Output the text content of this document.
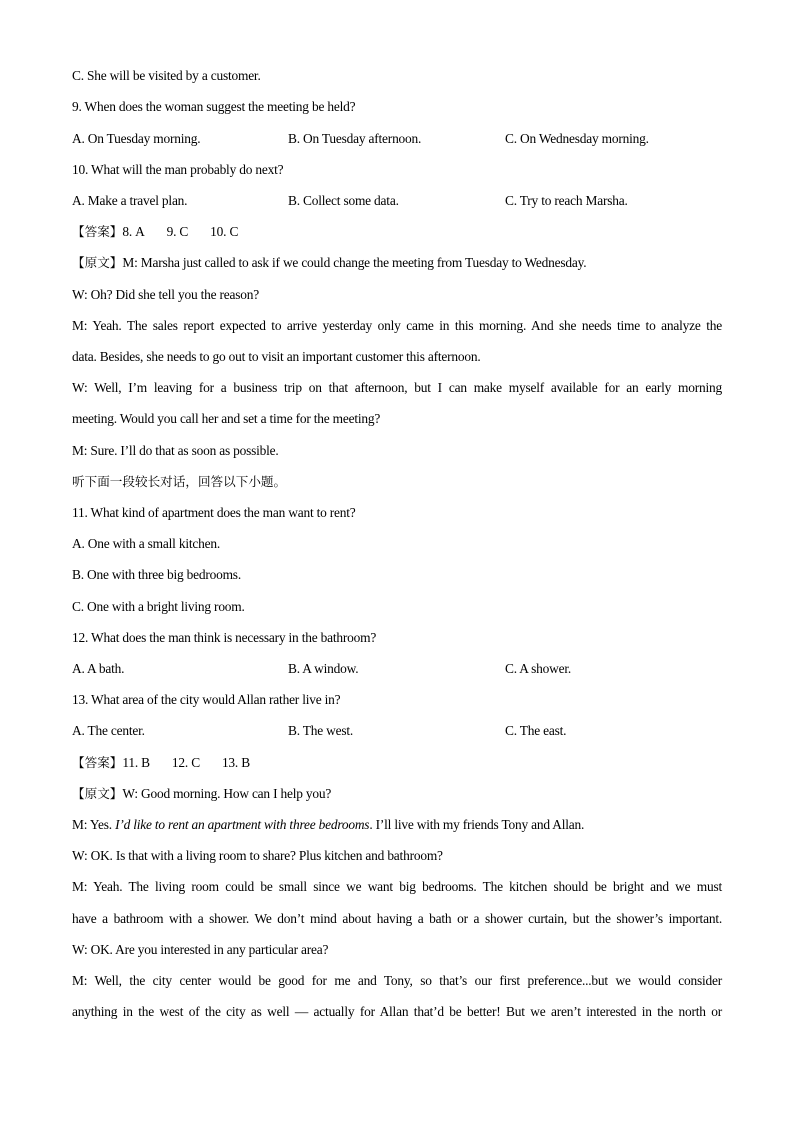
C. She will be visited by a customer.
9. When does the woman suggest the meeting be held?
A. On Tuesday morning.	B. On Tuesday afternoon.	C. On Wednesday morning.
10. What will the man probably do next?
A. Make a travel plan.	B. Collect some data.	C. Try to reach Marsha.
【答案】8. A 9. C 10. C
【原文】M: Marsha just called to ask if we could change the meeting from Tuesday to Wednesday.
W: Oh? Did she tell you the reason?
M: Yeah. The sales report expected to arrive yesterday only came in this morning. And she needs time to analyze the
data. Besides, she needs to go out to visit an important customer this afternoon.
W: Well, I’m leaving for a business trip on that afternoon, but I can make myself available for an early morning
meeting. Would you call her and set a time for the meeting?
M: Sure. I’ll do that as soon as possible.
听下面一段较长对话，回答以下小题。
11. What kind of apartment does the man want to rent?
A. One with a small kitchen.
B. One with three big bedrooms.
C. One with a bright living room.
12. What does the man think is necessary in the bathroom?
A. A bath.	B. A window.	C. A shower.
13. What area of the city would Allan rather live in?
A. The center.	B. The west.	C. The east.
【答案】11. B 12. C 13. B
【原文】W: Good morning. How can I help you?
M: Yes. I’d like to rent an apartment with three bedrooms. I’ll live with my friends Tony and Allan.
W: OK. Is that with a living room to share? Plus kitchen and bathroom?
M: Yeah. The living room could be small since we want big bedrooms. The kitchen should be bright and we must
have a bathroom with a shower. We don’t mind about having a bath or a shower curtain, but the shower’s important.
W: OK. Are you interested in any particular area?
M: Well, the city center would be good for me and Tony, so that’s our first preference...but we would consider
anything in the west of the city as well — actually for Allan that’d be better! But we aren’t interested in the north or
